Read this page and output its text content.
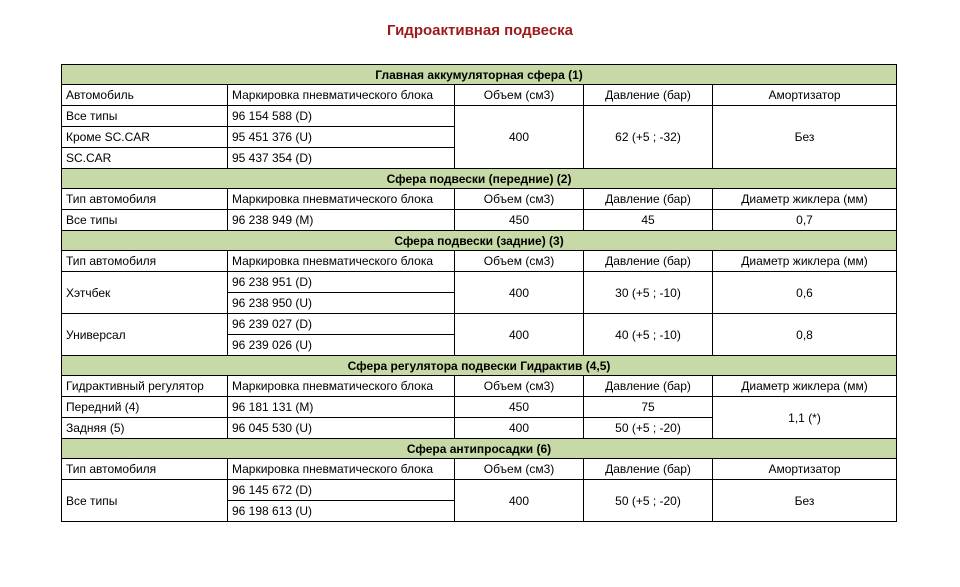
Гидроактивная подвеска
Главная аккумуляторная сфера (1)				
Автомобиль	Маркировка пневматического блока	Объем (см3)	Давление (бар)	Амортизатор
Все типы	96 154 588 (D)	400	62 (+5 ; -32)	Без
Кроме SC.CAR	95 451 376 (U)			
SC.CAR	95 437 354 (D)			
Сфера подвески (передние) (2)				
Тип автомобиля	Маркировка пневматического блока	Объем (см3)	Давление (бар)	Диаметр жиклера (мм)
Все типы	96 238 949 (M)	450	45	0,7
Сфера подвески (задние) (3)				
Тип автомобиля	Маркировка пневматического блока	Объем (см3)	Давление (бар)	Диаметр жиклера (мм)
Хэтчбек	96 238 951 (D)	400	30 (+5 ; -10)	0,6
	96 238 950 (U)			
Универсал	96 239 027 (D)	400	40 (+5 ; -10)	0,8
	96 239 026 (U)			
Сфера регулятора подвески Гидрактив (4,5)				
Гидрактивный регулятор	Маркировка пневматического блока	Объем (см3)	Давление (бар)	Диаметр жиклера (мм)
Передний (4)	96 181 131 (M)	450	75	1,1 (*)
Задняя (5)	96 045 530 (U)	400	50 (+5 ; -20)	
Сфера антипросадки (6)				
Тип автомобиля	Маркировка пневматического блока	Объем (см3)	Давление (бар)	Амортизатор
Все типы	96 145 672 (D)	400	50 (+5 ; -20)	Без
	96 198 613 (U)			
